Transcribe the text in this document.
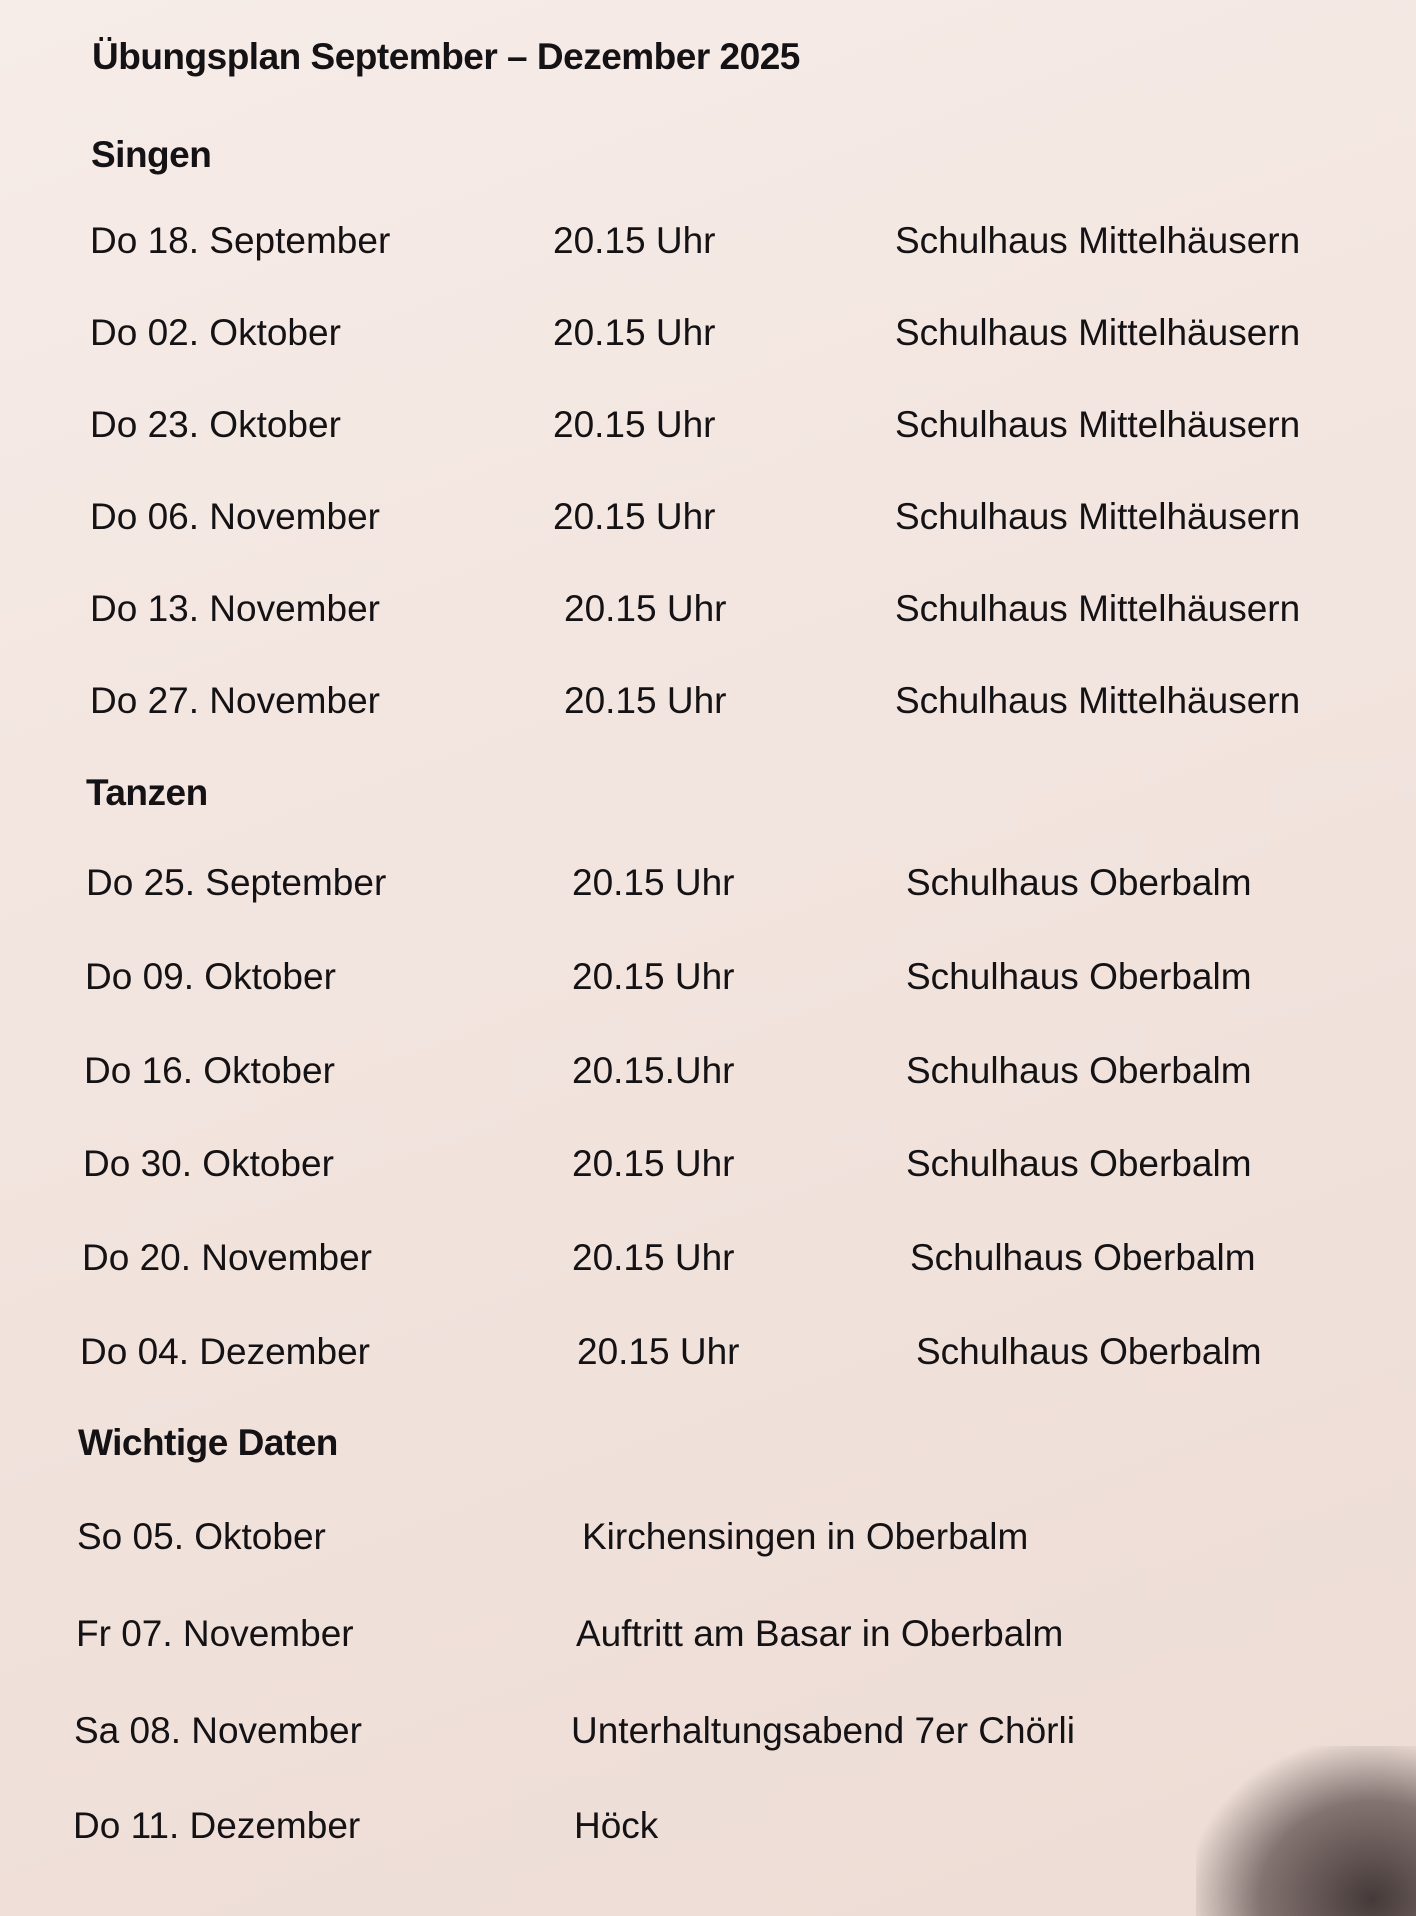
Übungsplan September – Dezember 2025
Singen
Do 18. September	20.15 Uhr	Schulhaus Mittelhäusern
Do 02. Oktober	20.15 Uhr	Schulhaus Mittelhäusern
Do 23. Oktober	20.15 Uhr	Schulhaus Mittelhäusern
Do 06. November	20.15 Uhr	Schulhaus Mittelhäusern
Do 13. November	20.15 Uhr	Schulhaus Mittelhäusern
Do 27. November	20.15 Uhr	Schulhaus Mittelhäusern
Tanzen
Do 25. September	20.15 Uhr	Schulhaus Oberbalm
Do 09. Oktober	20.15 Uhr	Schulhaus Oberbalm
Do 16. Oktober	20.15.Uhr	Schulhaus Oberbalm
Do 30. Oktober	20.15 Uhr	Schulhaus Oberbalm
Do 20. November	20.15 Uhr	Schulhaus Oberbalm
Do 04. Dezember	20.15 Uhr	Schulhaus Oberbalm
Wichtige Daten
So 05. Oktober	Kirchensingen in Oberbalm
Fr 07. November	Auftritt am Basar in Oberbalm
Sa 08. November	Unterhaltungsabend 7er Chörli
Do 11. Dezember	Höck
